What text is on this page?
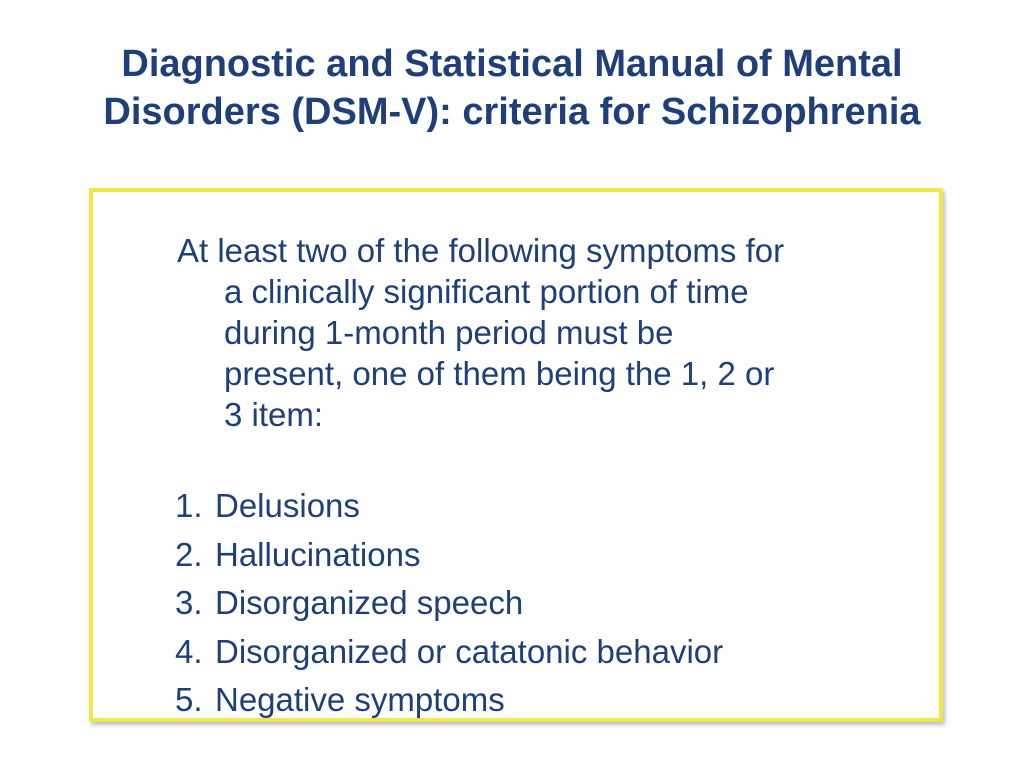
Diagnostic and Statistical Manual of Mental
Disorders (DSM-V): criteria for Schizophrenia

At least two of the following symptoms for
a clinically significant portion of time
during 1-month period must be
present, one of them being the 1, 2 or
3 item:

1. Delusions
2. Hallucinations
3. Disorganized speech
4. Disorganized or catatonic behavior
5. Negative symptoms
